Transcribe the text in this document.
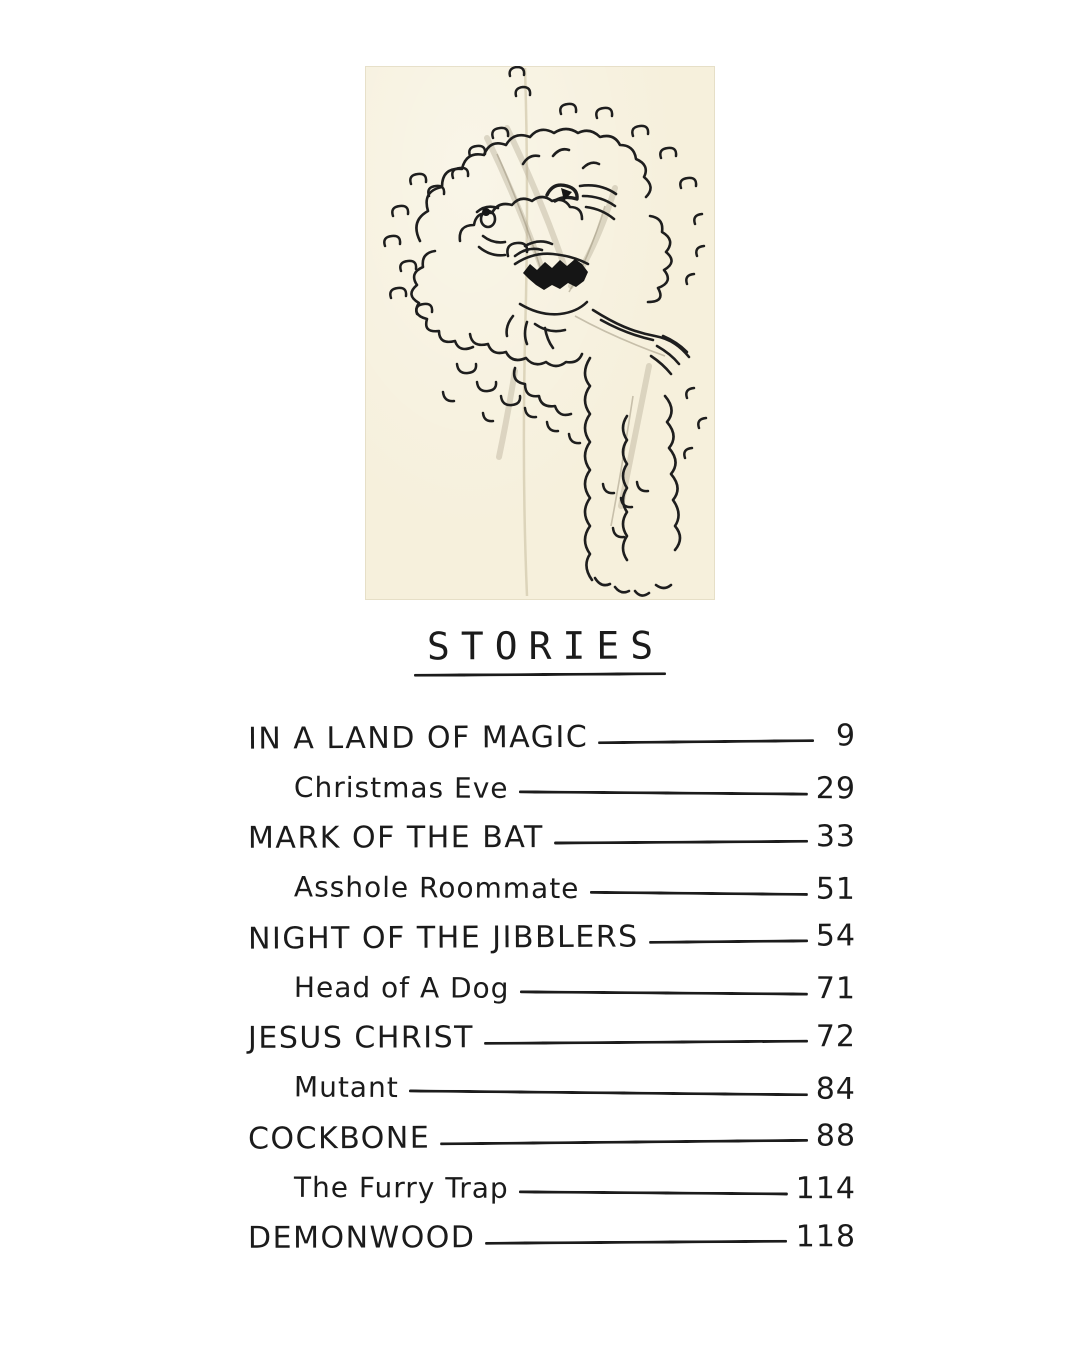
STORIES
IN A LAND OF MAGIC	9
Christmas Eve	29
MARK OF THE BAT	33
Asshole Roommate	51
NIGHT OF THE JIBBLERS	54
Head of A Dog	71
JESUS CHRIST	72
Mutant	84
COCKBONE	88
The Furry Trap	114
DEMONWOOD	118
